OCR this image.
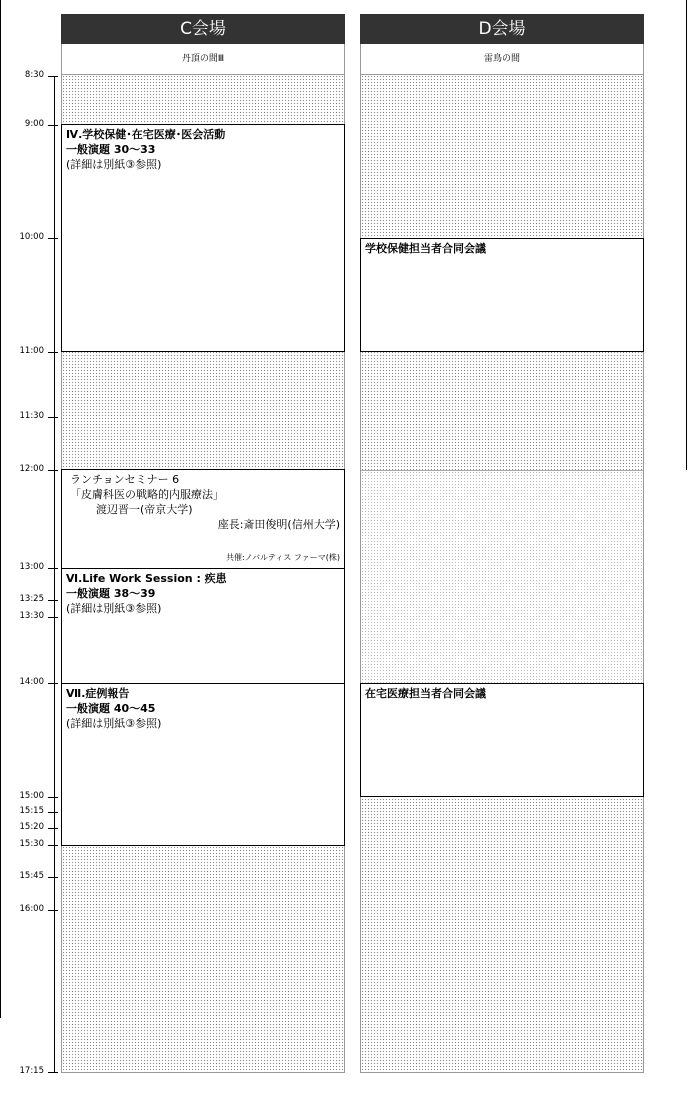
8:30
9:00
10:00
11:00
11:30
12:00
13:00
13:25
13:30
14:00
15:00
15:15
15:20
15:30
15:45
16:00
17:15
C会場
丹頂の間Ⅲ
Ⅳ.学校保健･在宅医療･医会活動
一般演題 30～33
(詳細は別紙③参照)
ランチョンセミナー 6
「皮膚科医の戦略的内服療法」
渡辺晋一(帝京大学)
座長:斎田俊明(信州大学)
共催:ノバルティス ファーマ(株)
Ⅵ.Life Work Session : 疾患
一般演題 38～39
(詳細は別紙③参照)
Ⅶ.症例報告
一般演題 40～45
(詳細は別紙③参照)
D会場
雷鳥の間
学校保健担当者合同会議
在宅医療担当者合同会議
